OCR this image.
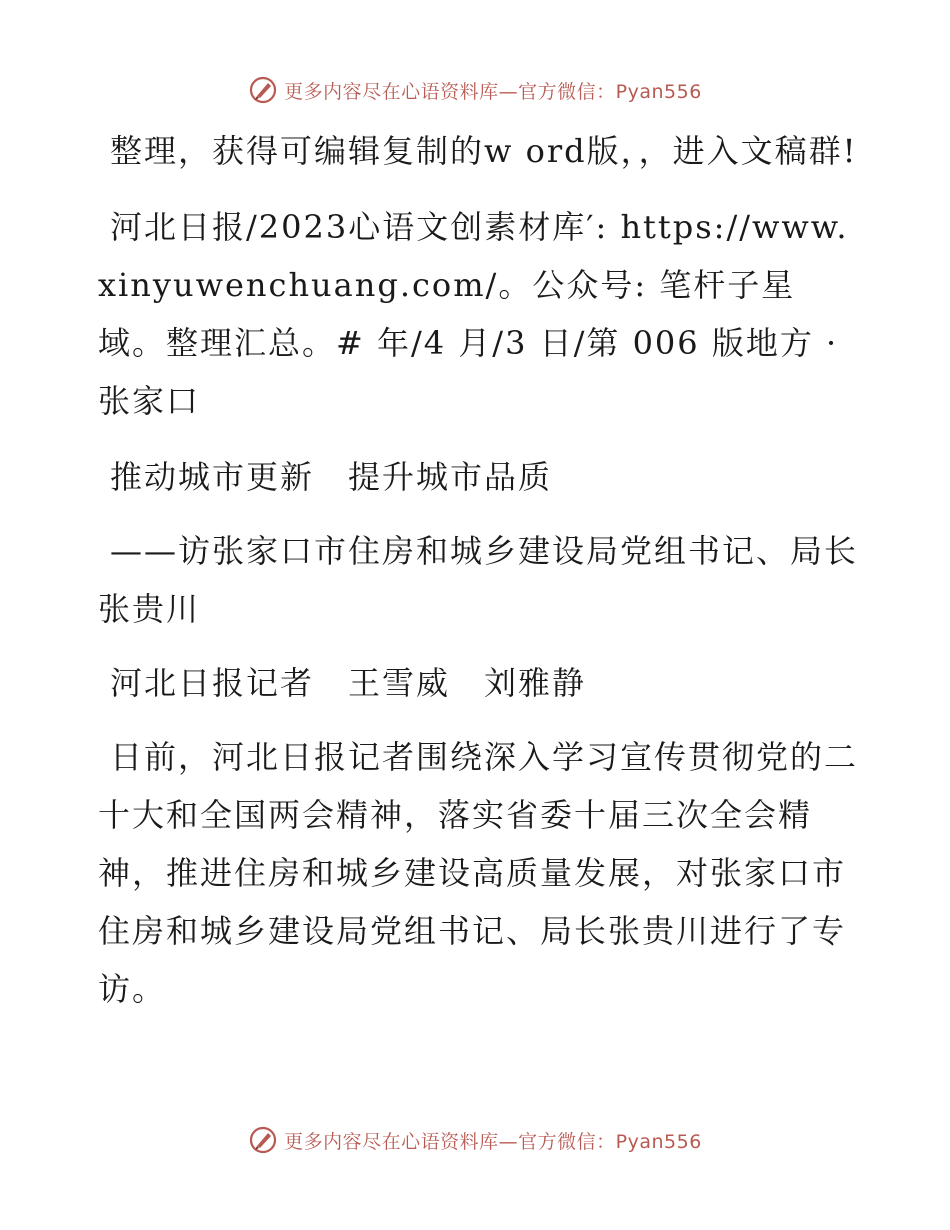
更多内容尽在心语资料库—官方微信：Pyan556

整理，获得可编辑复制的w ord版，，进入文稿群!

河北日报/2023心语文创素材库′: https://www.xinyuwenchuang.com/。公众号: 笔杆子星域。整理汇总。# 年/4 月/3 日/第 006 版地方 · 张家口

推动城市更新　提升城市品质

——访张家口市住房和城乡建设局党组书记、局长张贵川

河北日报记者　王雪威　刘雅静

日前，河北日报记者围绕深入学习宣传贯彻党的二十大和全国两会精神，落实省委十届三次全会精神，推进住房和城乡建设高质量发展，对张家口市住房和城乡建设局党组书记、局长张贵川进行了专访。

更多内容尽在心语资料库—官方微信：Pyan556
